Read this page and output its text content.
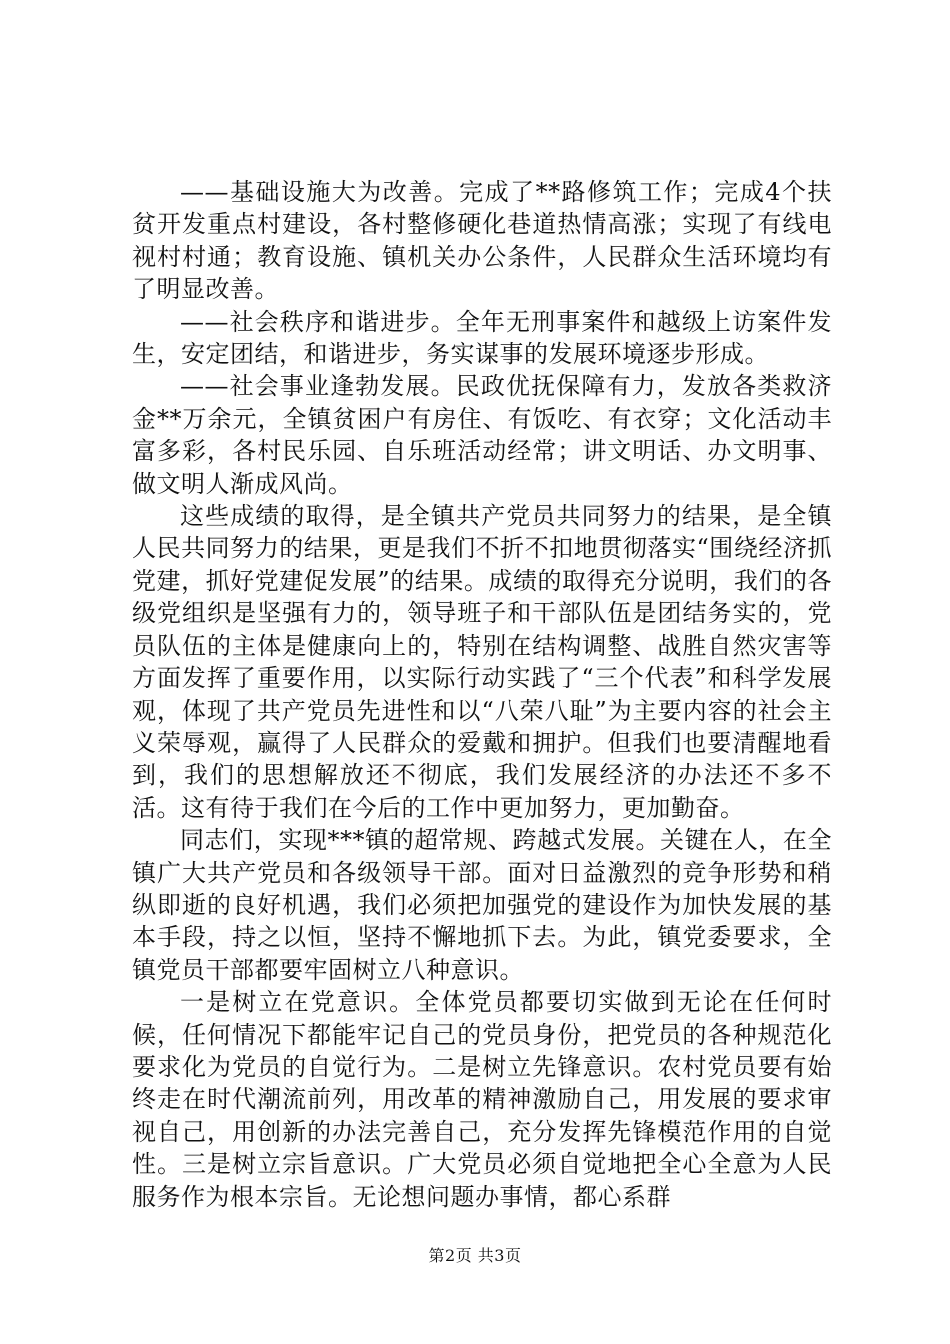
——基础设施大为改善。完成了**路修筑工作；完成4个扶贫开发重点村建设，各村整修硬化巷道热情高涨；实现了有线电视村村通；教育设施、镇机关办公条件，人民群众生活环境均有了明显改善。

——社会秩序和谐进步。全年无刑事案件和越级上访案件发生，安定团结，和谐进步，务实谋事的发展环境逐步形成。

——社会事业逢勃发展。民政优抚保障有力，发放各类救济金**万余元，全镇贫困户有房住、有饭吃、有衣穿；文化活动丰富多彩，各村民乐园、自乐班活动经常；讲文明话、办文明事、做文明人渐成风尚。

这些成绩的取得，是全镇共产党员共同努力的结果，是全镇人民共同努力的结果，更是我们不折不扣地贯彻落实“围绕经济抓党建，抓好党建促发展”的结果。成绩的取得充分说明，我们的各级党组织是坚强有力的，领导班子和干部队伍是团结务实的，党员队伍的主体是健康向上的，特别在结构调整、战胜自然灾害等方面发挥了重要作用，以实际行动实践了“三个代表”和科学发展观，体现了共产党员先进性和以“八荣八耻”为主要内容的社会主义荣辱观，赢得了人民群众的爱戴和拥护。但我们也要清醒地看到，我们的思想解放还不彻底，我们发展经济的办法还不多不活。这有待于我们在今后的工作中更加努力，更加勤奋。

同志们，实现***镇的超常规、跨越式发展。关键在人，在全镇广大共产党员和各级领导干部。面对日益激烈的竞争形势和稍纵即逝的良好机遇，我们必须把加强党的建设作为加快发展的基本手段，持之以恒，坚持不懈地抓下去。为此，镇党委要求，全镇党员干部都要牢固树立八种意识。

一是树立在党意识。全体党员都要切实做到无论在任何时候，任何情况下都能牢记自己的党员身份，把党员的各种规范化要求化为党员的自觉行为。二是树立先锋意识。农村党员要有始终走在时代潮流前列，用改革的精神激励自己，用发展的要求审视自己，用创新的办法完善自己，充分发挥先锋模范作用的自觉性。三是树立宗旨意识。广大党员必须自觉地把全心全意为人民服务作为根本宗旨。无论想问题办事情，都心系群

第2页 共3页
